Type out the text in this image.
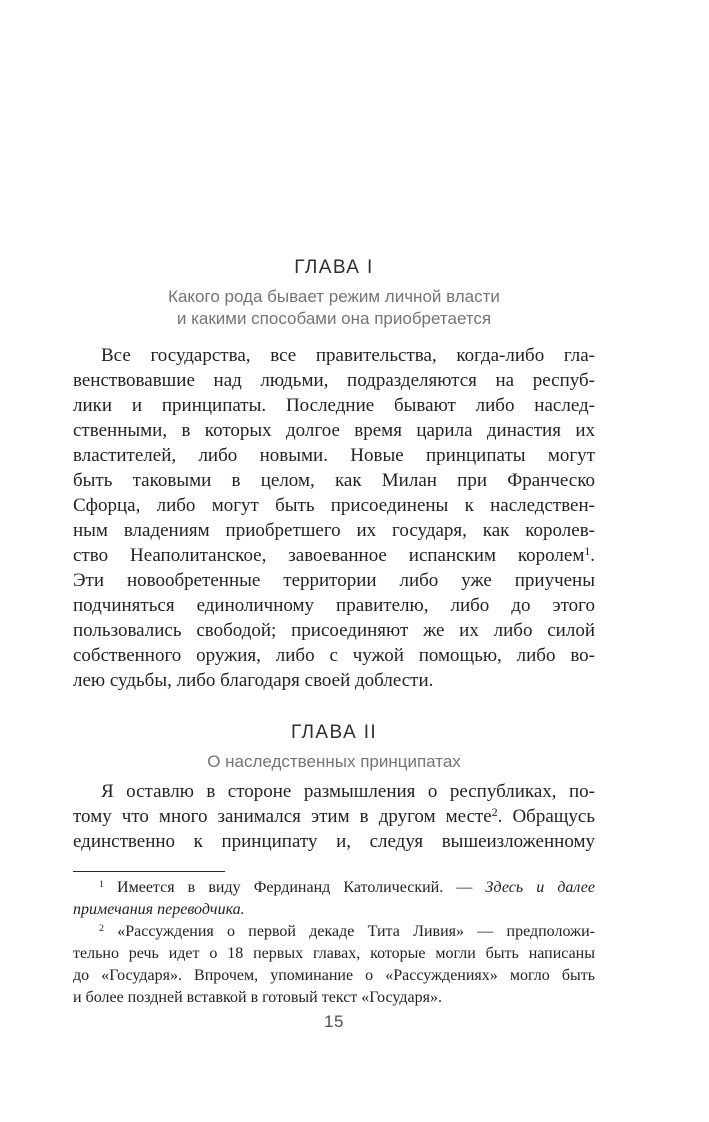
ГЛАВА I
Какого рода бывает режим личной власти
и какими способами она приобретается
Все государства, все правительства, когда-либо гла-
венствовавшие над людьми, подразделяются на респуб-
лики и принципаты. Последние бывают либо наслед-
ственными, в которых долгое время царила династия их
властителей, либо новыми. Новые принципаты могут
быть таковыми в целом, как Милан при Франческо
Сфорца, либо могут быть присоединены к наследствен-
ным владениям приобретшего их государя, как королев-
ство Неаполитанское, завоеванное испанским королем$^1$.
Эти новообретенные территории либо уже приучены
подчиняться единоличному правителю, либо до этого
пользовались свободой; присоединяют же их либо силой
собственного оружия, либо с чужой помощью, либо во-
лею судьбы, либо благодаря своей доблести.
ГЛАВА II
О наследственных принципатах
Я оставлю в стороне размышления о республиках, по-
тому что много занимался этим в другом месте$^2$. Обращусь
единственно к принципату и, следуя вышеизложенному
$^1$ Имеется в виду Фердинанд Католический. — Здесь и далее
примечания переводчика.
$^2$ «Рассуждения о первой декаде Тита Ливия» — предположи-
тельно речь идет о 18 первых главах, которые могли быть написаны
до «Государя». Впрочем, упоминание о «Рассуждениях» могло быть
и более поздней вставкой в готовый текст «Государя».
15
